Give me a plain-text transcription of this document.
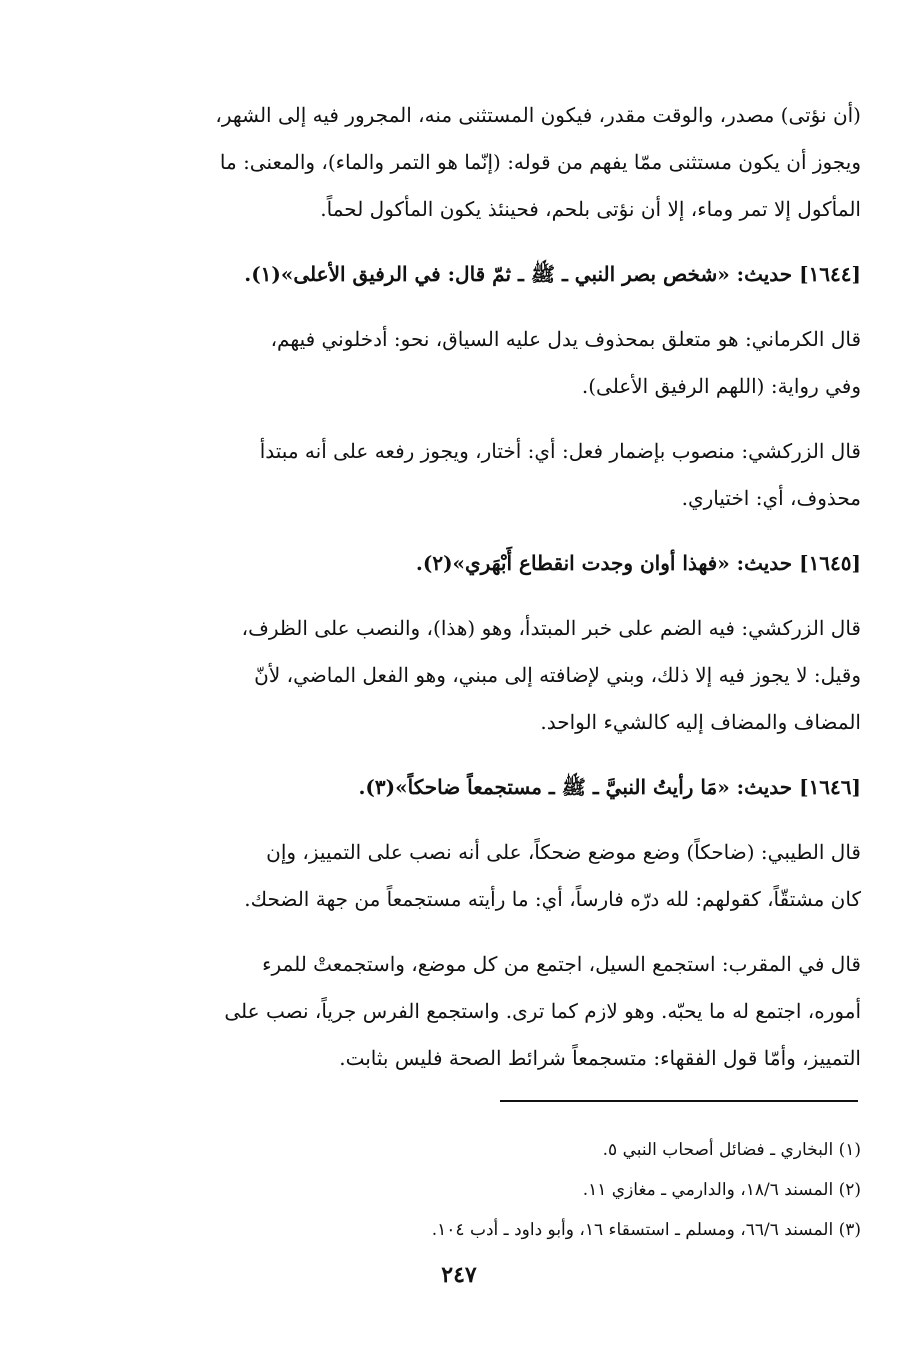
(أن نؤتى) مصدر، والوقت مقدر، فيكون المستثنى منه، المجرور فيه إلى الشهر،
ويجوز أن يكون مستثنى ممّا يفهم من قوله: (إنّما هو التمر والماء)، والمعنى: ما
المأكول إلا تمر وماء، إلا أن نؤتى بلحم، فحينئذ يكون المأكول لحماً.
[١٦٤٤] حديث: «شخص بصر النبي ـ ﷺ ـ ثمّ قال: في الرفيق الأعلى»(١).
قال الكرماني: هو متعلق بمحذوف يدل عليه السياق، نحو: أدخلوني فيهم،
وفي رواية: (اللهم الرفيق الأعلى).
قال الزركشي: منصوب بإضمار فعل: أي: أختار، ويجوز رفعه على أنه مبتدأ
محذوف، أي: اختياري.
[١٦٤٥] حديث: «فهذا أوان وجدت انقطاع أَبْهَري»(٢).
قال الزركشي: فيه الضم على خبر المبتدأ، وهو (هذا)، والنصب على الظرف،
وقيل: لا يجوز فيه إلا ذلك، وبني لإضافته إلى مبني، وهو الفعل الماضي، لأنّ
المضاف والمضاف إليه كالشيء الواحد.
[١٦٤٦] حديث: «مَا رأيتُ النبيَّ ـ ﷺ ـ مستجمعاً ضاحكاً»(٣).
قال الطيبي: (ضاحكاً) وضع موضع ضحكاً، على أنه نصب على التمييز، وإن
كان مشتقّاً، كقولهم: لله درّه فارساً، أي: ما رأيته مستجمعاً من جهة الضحك.
قال في المقرب: استجمع السيل، اجتمع من كل موضع، واستجمعتْ للمرء
أموره، اجتمع له ما يحبّه. وهو لازم كما ترى. واستجمع الفرس جرياً، نصب على
التمييز، وأمّا قول الفقهاء: متسجمعاً شرائط الصحة فليس بثابت.
(١) البخاري ـ فضائل أصحاب النبي ٥.
(٢) المسند ١٨/٦، والدارمي ـ مغازي ١١.
(٣) المسند ٦٦/٦، ومسلم ـ استسقاء ١٦، وأبو داود ـ أدب ١٠٤.
٢٤٧
